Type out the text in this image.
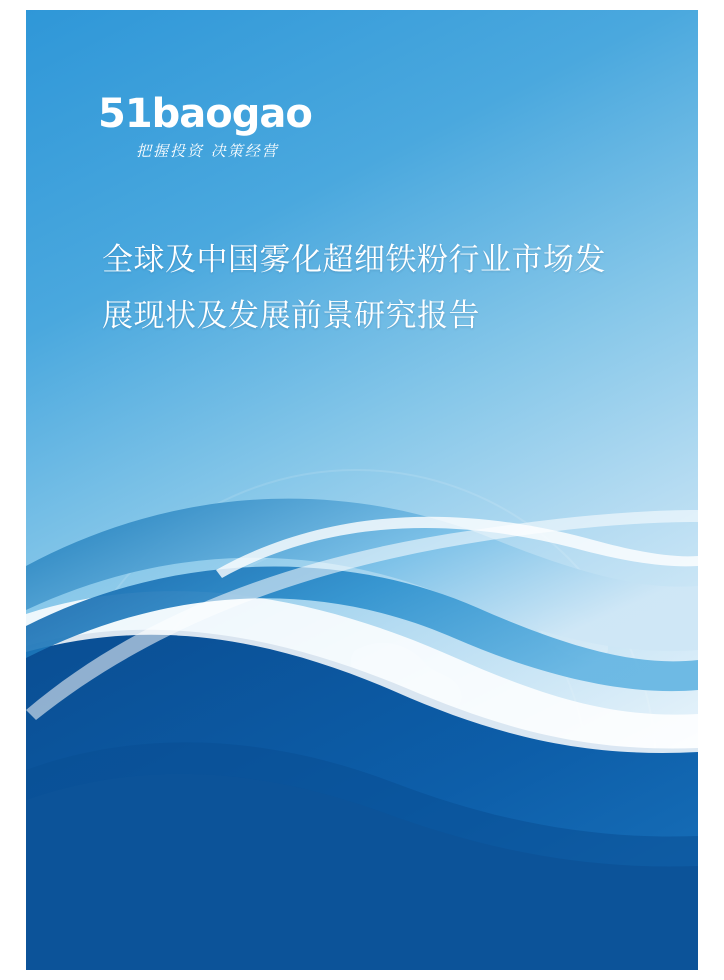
51baogao
把握投资 决策经营
全球及中国雾化超细铁粉行业市场发
展现状及发展前景研究报告
